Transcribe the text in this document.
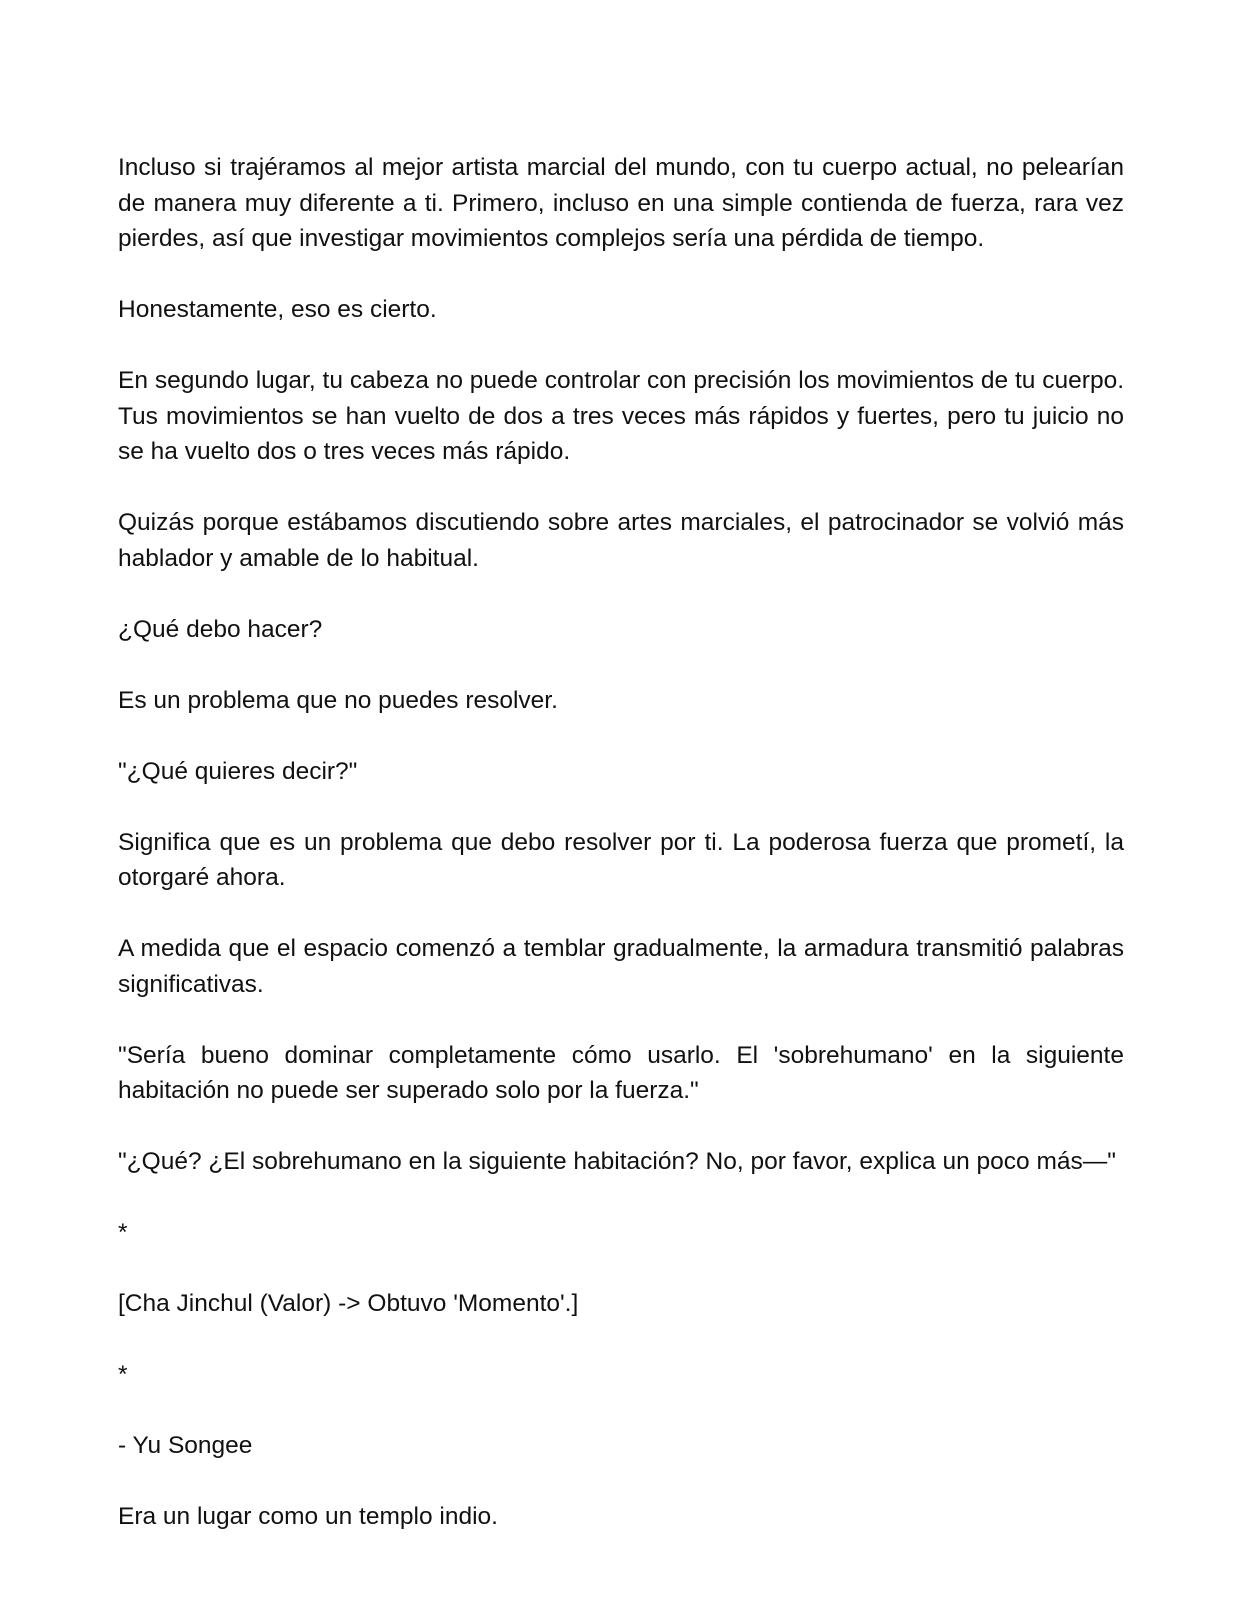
Incluso si trajéramos al mejor artista marcial del mundo, con tu cuerpo actual, no pelearían de manera muy diferente a ti. Primero, incluso en una simple contienda de fuerza, rara vez pierdes, así que investigar movimientos complejos sería una pérdida de tiempo.

Honestamente, eso es cierto.

En segundo lugar, tu cabeza no puede controlar con precisión los movimientos de tu cuerpo. Tus movimientos se han vuelto de dos a tres veces más rápidos y fuertes, pero tu juicio no se ha vuelto dos o tres veces más rápido.

Quizás porque estábamos discutiendo sobre artes marciales, el patrocinador se volvió más hablador y amable de lo habitual.

¿Qué debo hacer?

Es un problema que no puedes resolver.

"¿Qué quieres decir?"

Significa que es un problema que debo resolver por ti. La poderosa fuerza que prometí, la otorgaré ahora.

A medida que el espacio comenzó a temblar gradualmente, la armadura transmitió palabras significativas.

"Sería bueno dominar completamente cómo usarlo. El 'sobrehumano' en la siguiente habitación no puede ser superado solo por la fuerza."

"¿Qué? ¿El sobrehumano en la siguiente habitación? No, por favor, explica un poco más—"

*

[Cha Jinchul (Valor) -> Obtuvo 'Momento'.]

*

- Yu Songee

Era un lugar como un templo indio.
